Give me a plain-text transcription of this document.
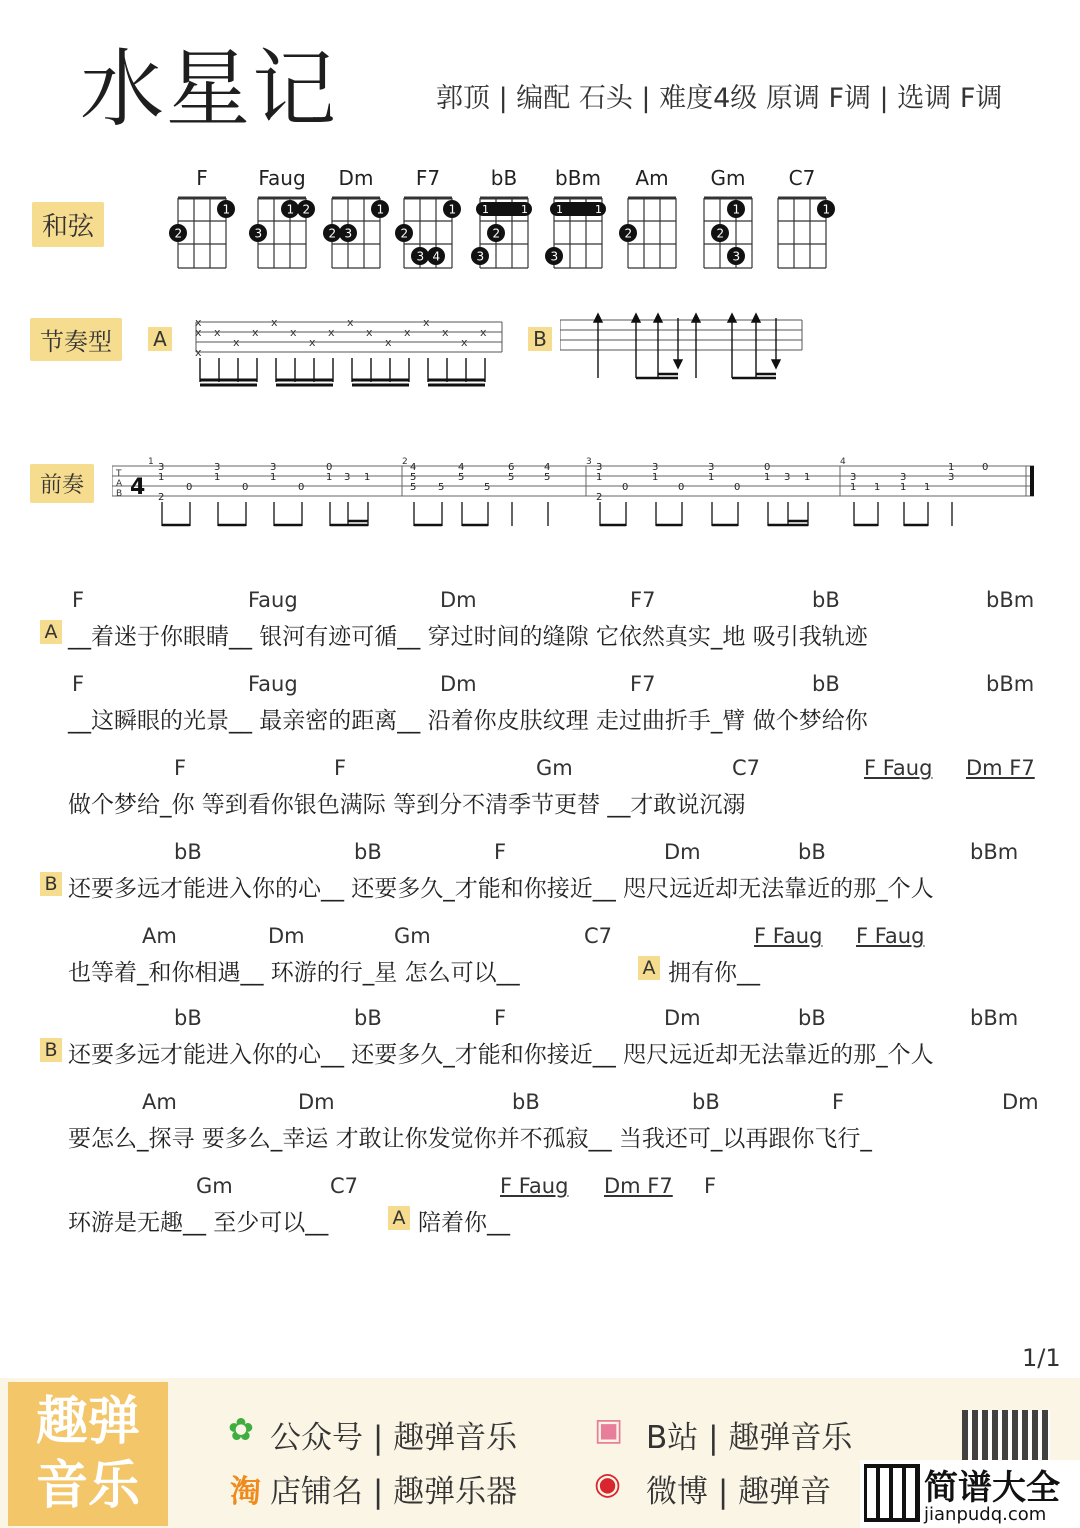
水星记	郭顶 | 编配 石头 | 难度4级 原调 F调 | 选调 F调
和弦
F
1
2
Faug
1 2
3
Dm
1
2 3
F7
1
2
3 4
bB
1	1
2
3
bBm
1	1
3
Am
2
Gm
1
2
3
C7
1
节奏型	A	B
x
x
x
x
x
x
x
x
x
x
x
x
x
x
x
x
x
x
前奏	T
A
B
1	2	3	4
4
3
1
2
0
3
1
0
3
1
0
0
1 3 1
4
5
5 5
4
5
5
6
5
4
5
3
1
2
0
3
1
0
3
1
0
0
1 3 1	3
1 1
3
1 1
1
3
0
F	Faug	Dm	F7	bB	bBm
A __着迷于你眼睛__ 银河有迹可循__ 穿过时间的缝隙 它依然真实_地 吸引我轨迹
F	Faug	Dm	F7	bB	bBm
__这瞬眼的光景__ 最亲密的距离__ 沿着你皮肤纹理 走过曲折手_臂 做个梦给你
F	F	Gm	C7	F Faug Dm F7
做个梦给_你 等到看你银色满际 等到分不清季节更替 __才敢说沉溺
bB	bB	F	Dm	bB	bBm
B 还要多远才能进入你的心__ 还要多久_才能和你接近__ 咫尺远近却无法靠近的那_个人
Am	Dm	Gm	C7	F Faug F Faug
也等着_和你相遇__ 环游的行_星 怎么可以__	A 拥有你__
bB	bB	F	Dm	bB	bBm
B 还要多远才能进入你的心__ 还要多久_才能和你接近__ 咫尺远近却无法靠近的那_个人
Am	Dm	bB	bB	F	Dm
要怎么_探寻 要多么_幸运 才敢让你发觉你并不孤寂__ 当我还可_以再跟你飞行_
Gm	C7	F Faug Dm F7 F
环游是无趣__ 至少可以__	A 陪着你__
1/1
趣弹
音乐
✿ 公众号 | 趣弹音乐 ▣ B站 | 趣弹音乐
淘 店铺名 | 趣弹乐器 ◉ 微博 | 趣弹音	简谱大全
jianpudq.com
